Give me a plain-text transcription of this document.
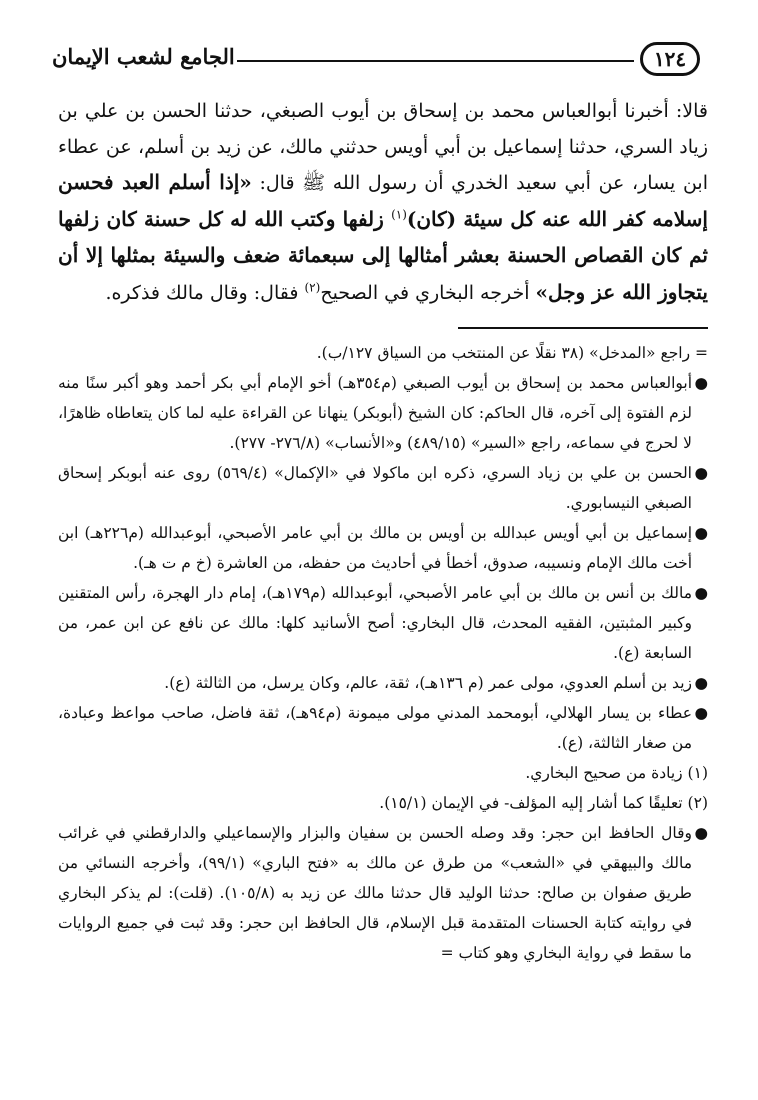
١٢٤
الجامع لشعب الإيمان
قالا: أخبرنا أبوالعباس محمد بن إسحاق بن أيوب الصبغي، حدثنا الحسن بن علي بن زياد السري، حدثنا إسماعيل بن أبي أويس حدثني مالك، عن زيد بن أسلم، عن عطاء ابن يسار، عن أبي سعيد الخدري أن رسول الله ﷺ قال: «إذا أسلم العبد فحسن إسلامه كفر الله عنه كل سيئة (كان)$^{(١)}$ زلفها وكتب الله له كل حسنة كان زلفها ثم كان القصاص الحسنة بعشر أمثالها إلى سبعمائة ضعف والسيئة بمثلها إلا أن يتجاوز الله عز وجل» أخرجه البخاري في الصحيح$^{(٢)}$ فقال: وقال مالك فذكره.

= راجع «المدخل» (٣٨ نقلًا عن المنتخب من السياق ١٢٧/ب).

●أبوالعباس محمد بن إسحاق بن أيوب الصبغي (م٣٥٤هـ) أخو الإمام أبي بكر أحمد وهو أكبر سنًا منه لزم الفتوة إلى آخره، قال الحاكم: كان الشيخ (أبوبكر) ينهانا عن القراءة عليه لما كان يتعاطاه ظاهرًا، لا لحرج في سماعه، راجع «السير» (٤٨٩/١٥) و«الأنساب» (٢٧٦/٨- ٢٧٧).

●الحسن بن علي بن زياد السري، ذكره ابن ماكولا في «الإكمال» (٥٦٩/٤) روى عنه أبوبكر إسحاق الصبغي النيسابوري.

●إسماعيل بن أبي أويس عبدالله بن أويس بن مالك بن أبي عامر الأصبحي، أبوعبدالله (م٢٢٦هـ) ابن أخت مالك الإمام ونسيبه، صدوق، أخطأ في أحاديث من حفظه، من العاشرة (خ م ت هـ).

●مالك بن أنس بن مالك بن أبي عامر الأصبحي، أبوعبدالله (م١٧٩هـ)، إمام دار الهجرة، رأس المتقنين وكبير المثبتين، الفقيه المحدث، قال البخاري: أصح الأسانيد كلها: مالك عن نافع عن ابن عمر، من السابعة (ع).

●زيد بن أسلم العدوي، مولى عمر (م ١٣٦هـ)، ثقة، عالم، وكان يرسل، من الثالثة (ع).

●عطاء بن يسار الهلالي، أبومحمد المدني مولى ميمونة (م٩٤هـ)، ثقة فاضل، صاحب مواعظ وعبادة، من صغار الثالثة، (ع).

(١) زيادة من صحيح البخاري.

(٢) تعليقًا كما أشار إليه المؤلف- في الإيمان (١٥/١).

●وقال الحافظ ابن حجر: وقد وصله الحسن بن سفيان والبزار والإسماعيلي والدارقطني في غرائب مالك والبيهقي في «الشعب» من طرق عن مالك به «فتح الباري» (٩٩/١)، وأخرجه النسائي من طريق صفوان بن صالح: حدثنا الوليد قال حدثنا مالك عن زيد به (١٠٥/٨). (قلت): لم يذكر البخاري في روايته كتابة الحسنات المتقدمة قبل الإسلام، قال الحافظ ابن حجر: وقد ثبت في جميع الروايات ما سقط في رواية البخاري وهو كتاب =
